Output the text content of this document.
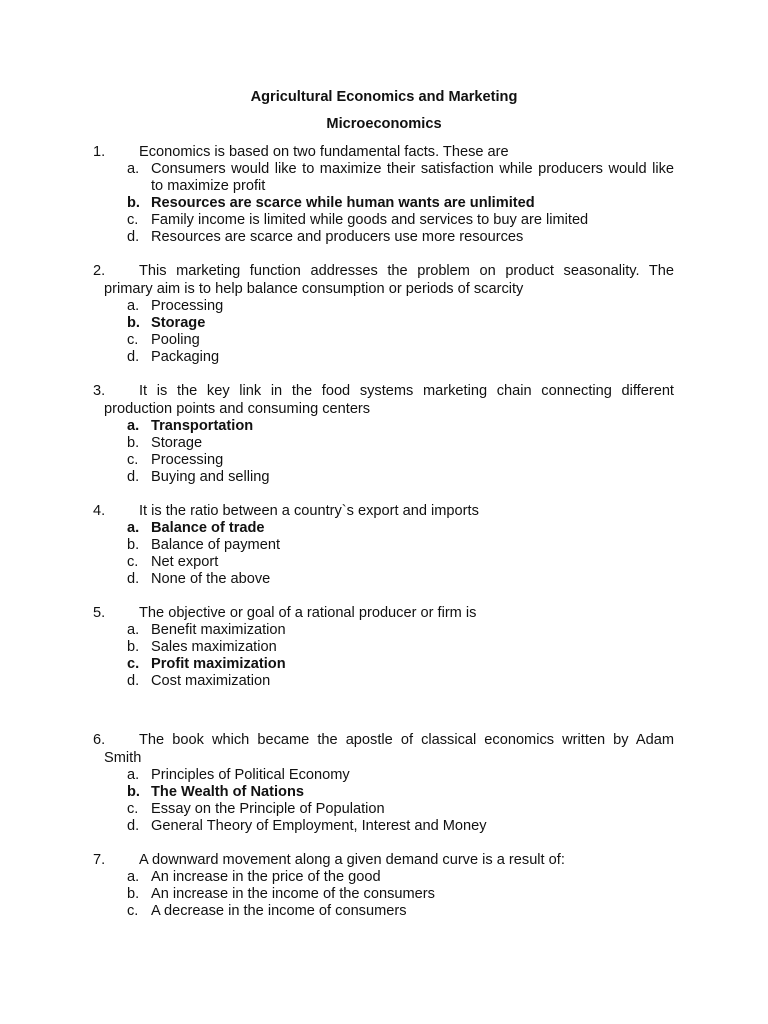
Agricultural Economics and Marketing
Microeconomics
1.	Economics is based on two fundamental facts. These are
a. Consumers would like to maximize their satisfaction while producers would like to maximize profit
b. Resources are scarce while human wants are unlimited
c. Family income is limited while goods and services to buy are limited
d. Resources are scarce and producers use more resources
2.	This marketing function addresses the problem on product seasonality. The
primary aim is to help balance consumption or periods of scarcity
a. Processing
b. Storage
c. Pooling
d. Packaging
3.	It is the key link in the food systems marketing chain connecting different
production points and consuming centers
a. Transportation
b. Storage
c. Processing
d. Buying and selling
4.	It is the ratio between a country`s export and imports
a. Balance of trade
b. Balance of payment
c. Net export
d. None of the above
5.	The objective or goal of a rational producer or firm is
a. Benefit maximization
b. Sales maximization
c. Profit maximization
d. Cost maximization
6.	The book which became the apostle of classical economics written by Adam
Smith
a. Principles of Political Economy
b. The Wealth of Nations
c. Essay on the Principle of Population
d. General Theory of Employment, Interest and Money
7.	A downward movement along a given demand curve is a result of:
a. An increase in the price of the good
b. An increase in the income of the consumers
c. A decrease in the income of consumers
